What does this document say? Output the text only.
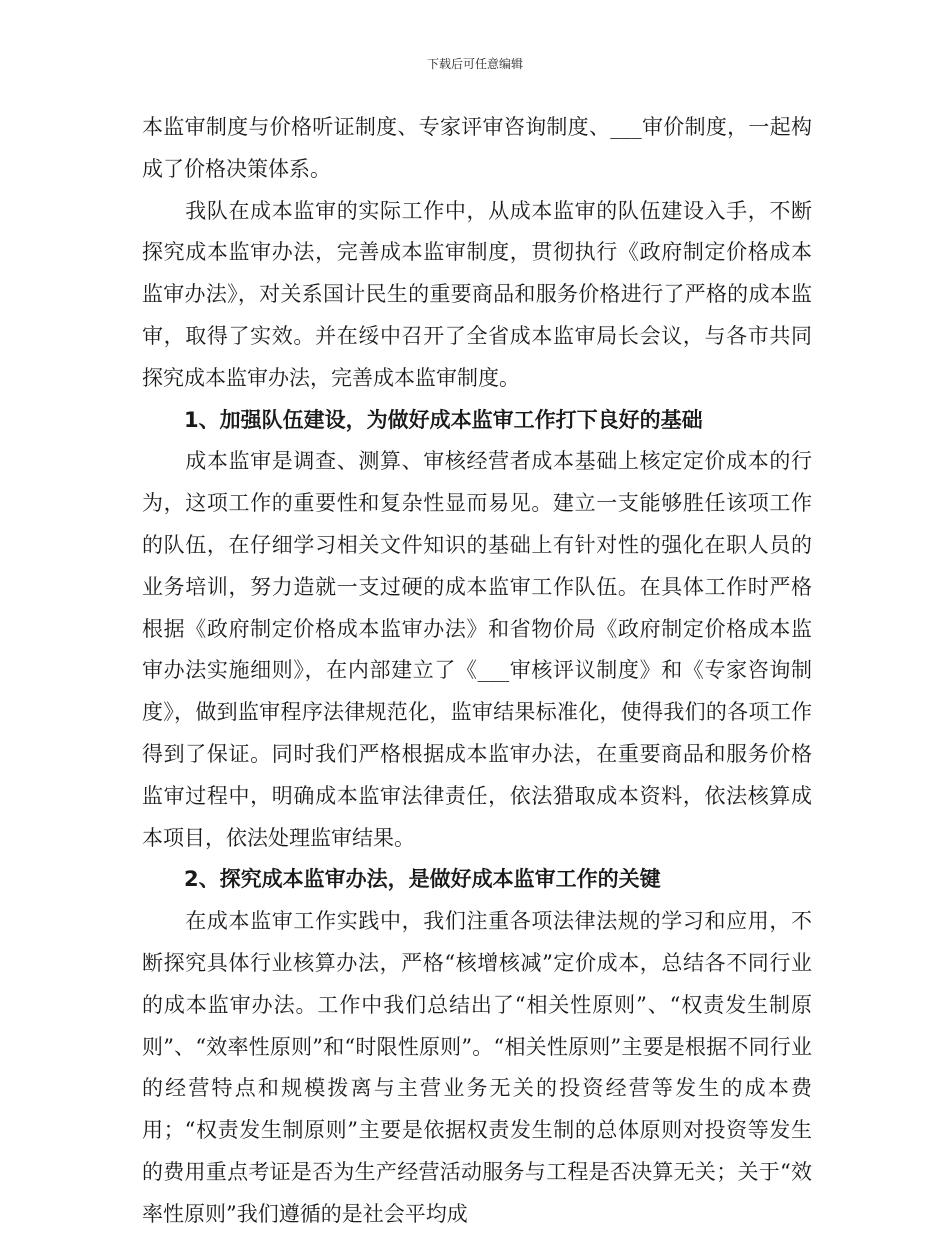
下载后可任意编辑

本监审制度与价格听证制度、专家评审咨询制度、___审价制度，一起构成了价格决策体系。

　　我队在成本监审的实际工作中，从成本监审的队伍建设入手，不断探究成本监审办法，完善成本监审制度，贯彻执行《政府制定价格成本监审办法》，对关系国计民生的重要商品和服务价格进行了严格的成本监审，取得了实效。并在绥中召开了全省成本监审局长会议，与各市共同探究成本监审办法，完善成本监审制度。

1、加强队伍建设，为做好成本监审工作打下良好的基础

　　成本监审是调查、测算、审核经营者成本基础上核定定价成本的行为，这项工作的重要性和复杂性显而易见。建立一支能够胜任该项工作的队伍，在仔细学习相关文件知识的基础上有针对性的强化在职人员的业务培训，努力造就一支过硬的成本监审工作队伍。在具体工作时严格根据《政府制定价格成本监审办法》和省物价局《政府制定价格成本监审办法实施细则》，在内部建立了《___审核评议制度》和《专家咨询制度》，做到监审程序法律规范化，监审结果标准化，使得我们的各项工作得到了保证。同时我们严格根据成本监审办法，在重要商品和服务价格监审过程中，明确成本监审法律责任，依法猎取成本资料，依法核算成本项目，依法处理监审结果。

2、探究成本监审办法，是做好成本监审工作的关键

　　在成本监审工作实践中，我们注重各项法律法规的学习和应用，不断探究具体行业核算办法，严格“核增核减”定价成本，总结各不同行业的成本监审办法。工作中我们总结出了“相关性原则”、“权责发生制原则”、“效率性原则”和“时限性原则”。“相关性原则”主要是根据不同行业的经营特点和规模拨离与主营业务无关的投资经营等发生的成本费用；“权责发生制原则”主要是依据权责发生制的总体原则对投资等发生的费用重点考证是否为生产经营活动服务与工程是否决算无关；关于“效率性原则”我们遵循的是社会平均成
